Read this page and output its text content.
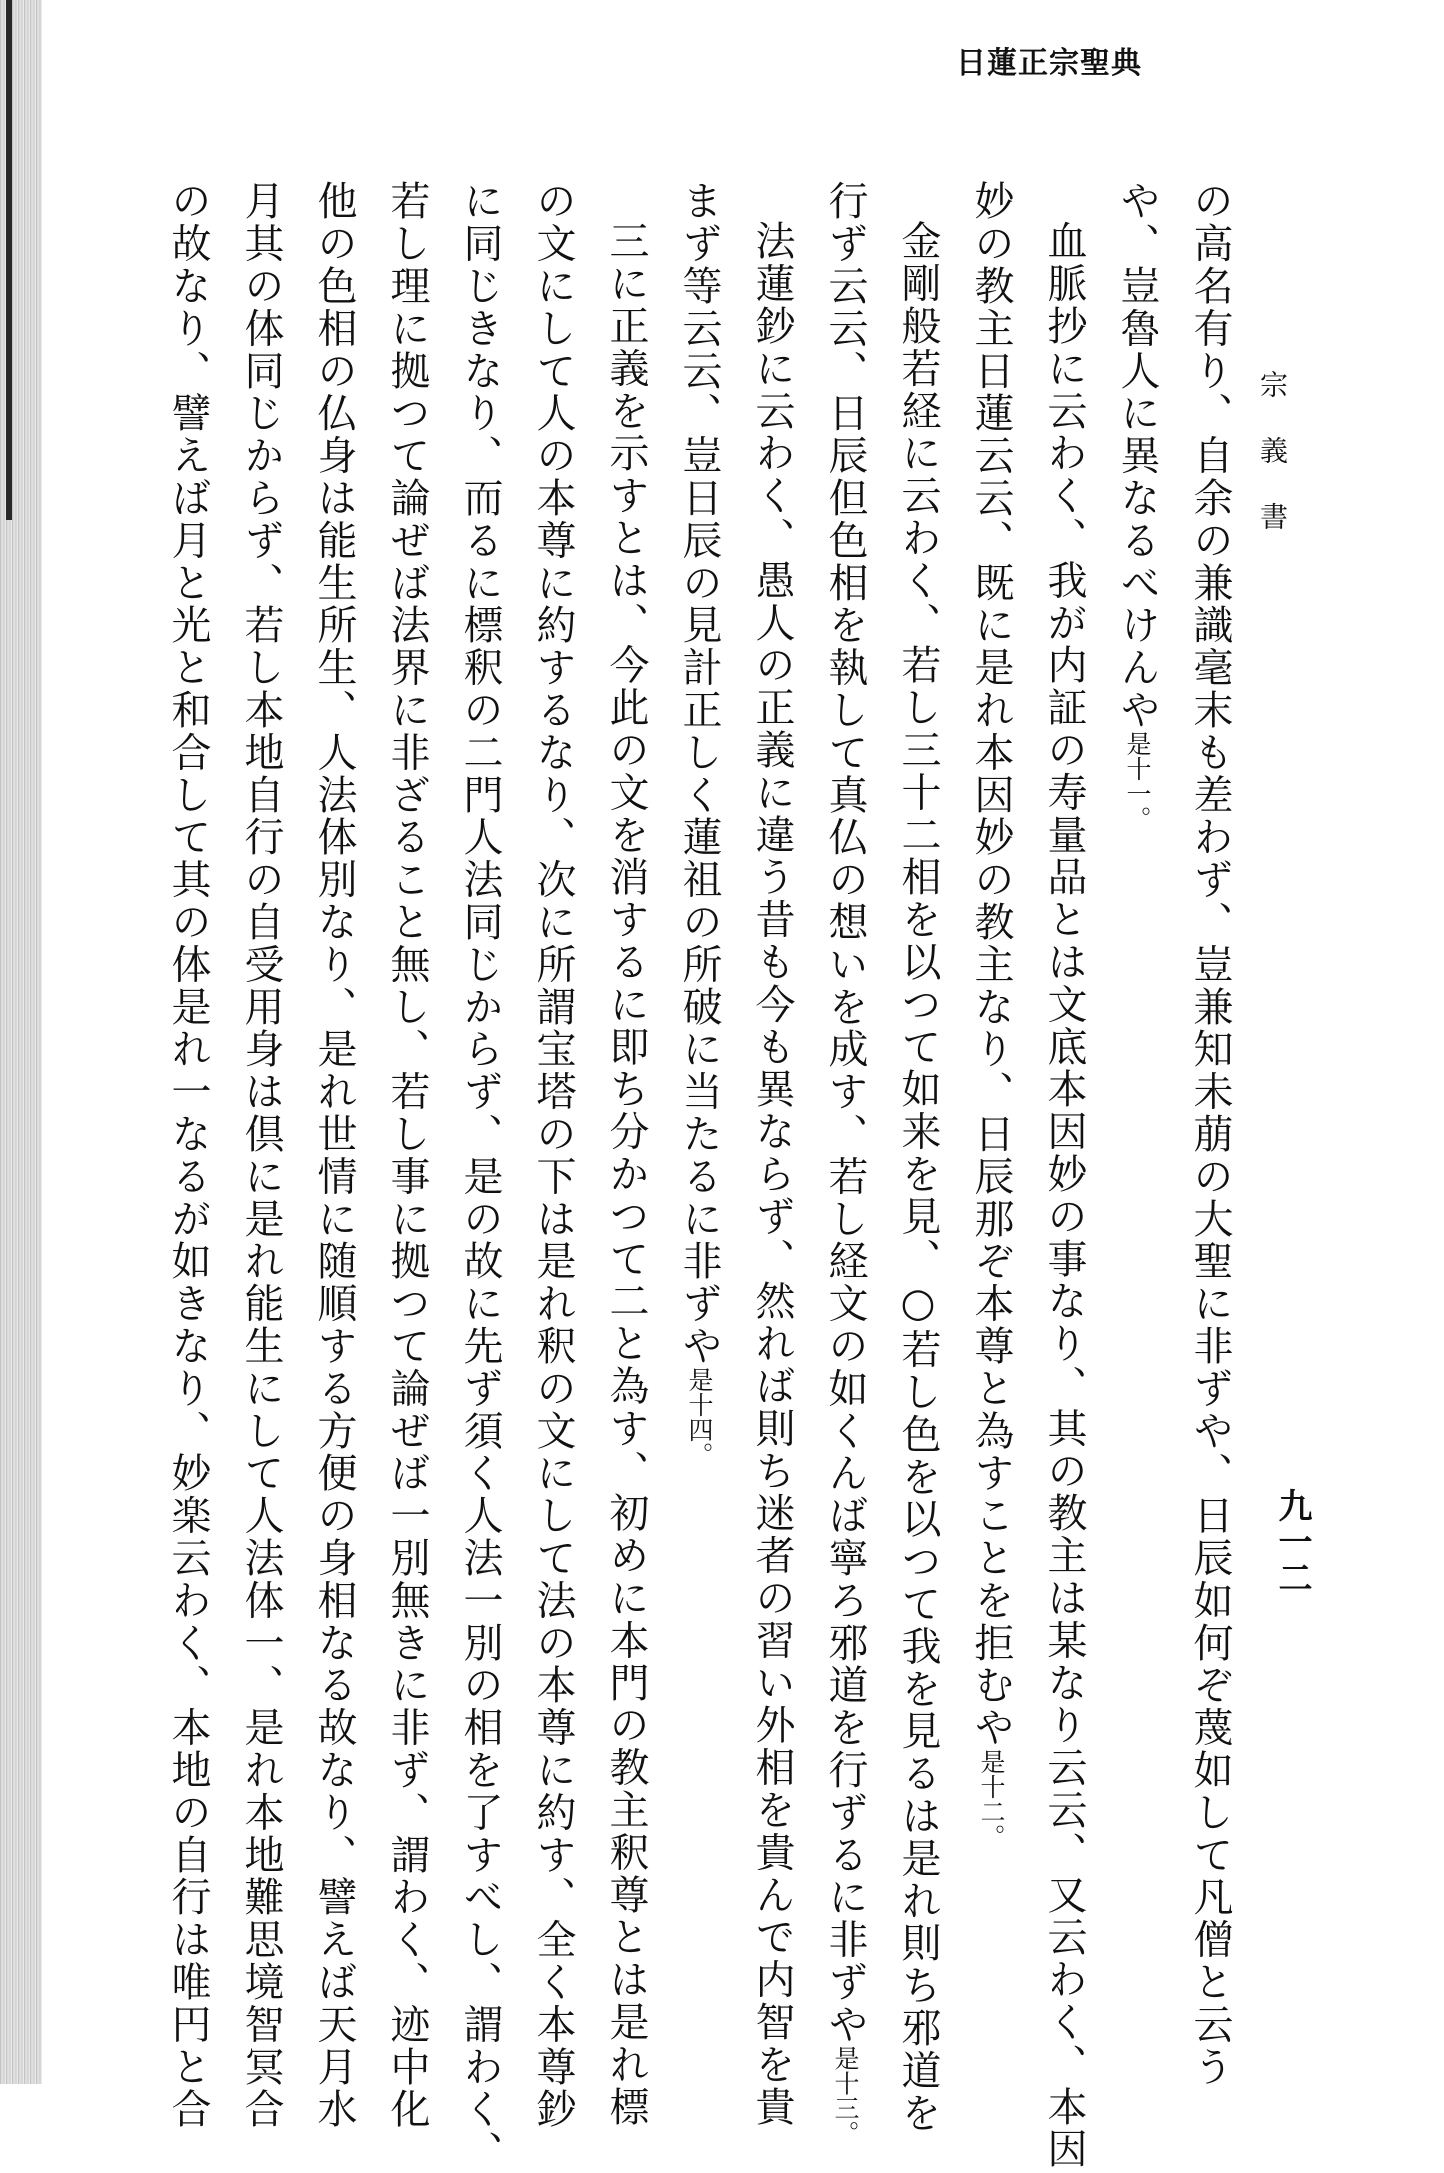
日蓮正宗聖典
宗義書
九一二
の高名有り、自余の兼識毫末も差わず、豈兼知未萠の大聖に非ずや、日辰如何ぞ蔑如して凡僧と云う
や、豈魯人に異なるべけんや是十一。
血脈抄に云わく、我が内証の寿量品とは文底本因妙の事なり、其の教主は某なり云云、又云わく、本因
妙の教主日蓮云云、既に是れ本因妙の教主なり、日辰那ぞ本尊と為すことを拒むや是十二。
金剛般若経に云わく、若し三十二相を以つて如来を見、○若し色を以つて我を見るは是れ則ち邪道を
行ず云云、日辰但色相を執して真仏の想いを成す、若し経文の如くんば寧ろ邪道を行ずるに非ずや是十三。
法蓮鈔に云わく、愚人の正義に違う昔も今も異ならず、然れば則ち迷者の習い外相を貴んで内智を貴
まず等云云、豈日辰の見計正しく蓮祖の所破に当たるに非ずや是十四。
三に正義を示すとは、今此の文を消するに即ち分かつて二と為す、初めに本門の教主釈尊とは是れ標
の文にして人の本尊に約するなり、次に所謂宝塔の下は是れ釈の文にして法の本尊に約す、全く本尊鈔
に同じきなり、而るに標釈の二門人法同じからず、是の故に先ず須く人法一別の相を了すべし、謂わく、
若し理に拠つて論ぜば法界に非ざること無し、若し事に拠つて論ぜば一別無きに非ず、謂わく、迹中化
他の色相の仏身は能生所生、人法体別なり、是れ世情に随順する方便の身相なる故なり、譬えば天月水
月其の体同じからず、若し本地自行の自受用身は倶に是れ能生にして人法体一、是れ本地難思境智冥合
の故なり、譬えば月と光と和合して其の体是れ一なるが如きなり、妙楽云わく、本地の自行は唯円と合
